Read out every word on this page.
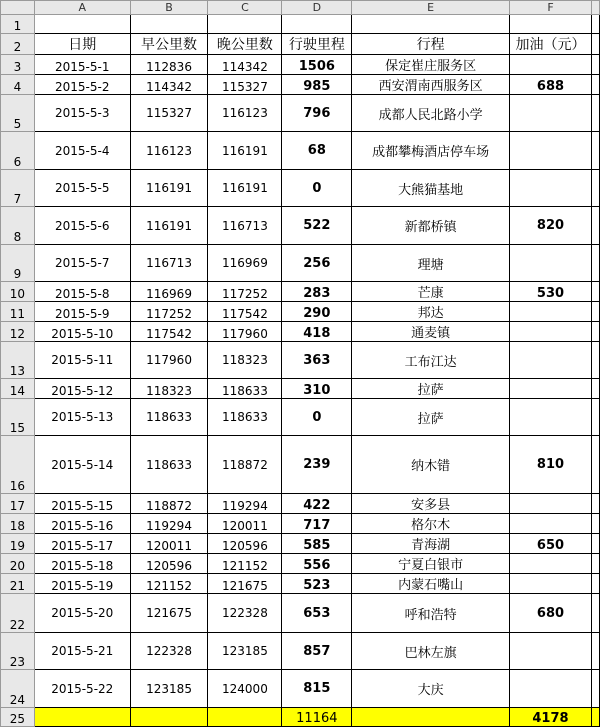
	A	B	C	D	E	F	
1							
2	日期	早公里数	晚公里数	行驶里程	行程	加油（元）	
3	2015-5-1	112836	114342	1506	保定崔庄服务区		
4	2015-5-2	114342	115327	985	西安渭南西服务区	688	
5	2015-5-3	115327	116123	796	成都人民北路小学		
6	2015-5-4	116123	116191	68	成都攀梅酒店停车场		
7	2015-5-5	116191	116191	0	大熊猫基地		
8	2015-5-6	116191	116713	522	新都桥镇	820	
9	2015-5-7	116713	116969	256	理塘		
10	2015-5-8	116969	117252	283	芒康	530	
11	2015-5-9	117252	117542	290	邦达		
12	2015-5-10	117542	117960	418	通麦镇		
13	2015-5-11	117960	118323	363	工布江达		
14	2015-5-12	118323	118633	310	拉萨		
15	2015-5-13	118633	118633	0	拉萨		
16	2015-5-14	118633	118872	239	纳木错	810	
17	2015-5-15	118872	119294	422	安多县		
18	2015-5-16	119294	120011	717	格尔木		
19	2015-5-17	120011	120596	585	青海湖	650	
20	2015-5-18	120596	121152	556	宁夏白银市		
21	2015-5-19	121152	121675	523	内蒙石嘴山		
22	2015-5-20	121675	122328	653	呼和浩特	680	
23	2015-5-21	122328	123185	857	巴林左旗		
24	2015-5-22	123185	124000	815	大庆		
25				11164		4178	
